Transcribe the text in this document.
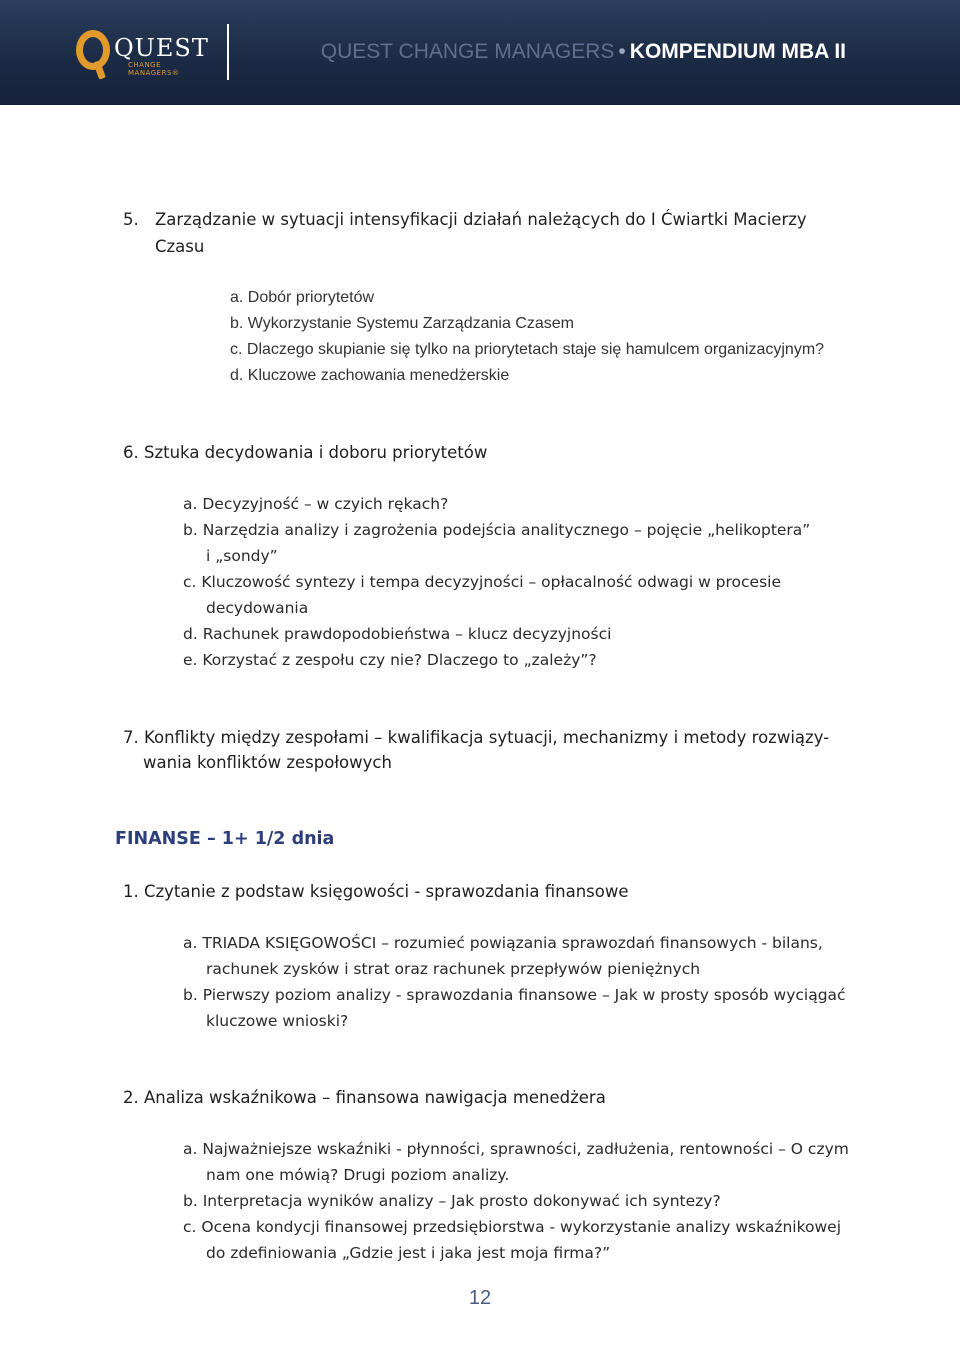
QUEST
CHANGE MANAGERS®
QUEST CHANGE MANAGERS • KOMPENDIUM MBA II
5. Zarządzanie w sytuacji intensyfikacji działań należących do I Ćwiartki Macierzy
Czasu
a. Dobór priorytetów
b. Wykorzystanie Systemu Zarządzania Czasem
c. Dlaczego skupianie się tylko na priorytetach staje się hamulcem organizacyjnym?
d. Kluczowe zachowania menedżerskie
6. Sztuka decydowania i doboru priorytetów
a. Decyzyjność – w czyich rękach?
b. Narzędzia analizy i zagrożenia podejścia analitycznego – pojęcie „helikoptera”
i „sondy”
c. Kluczowość syntezy i tempa decyzyjności – opłacalność odwagi w procesie
decydowania
d. Rachunek prawdopodobieństwa – klucz decyzyjności
e. Korzystać z zespołu czy nie? Dlaczego to „zależy”?
7. Konflikty między zespołami – kwalifikacja sytuacji, mechanizmy i metody rozwiązy-
wania konfliktów zespołowych
FINANSE – 1+ 1/2 dnia
1. Czytanie z podstaw księgowości - sprawozdania finansowe
a. TRIADA KSIĘGOWOŚCI – rozumieć powiązania sprawozdań finansowych - bilans,
rachunek zysków i strat oraz rachunek przepływów pieniężnych
b. Pierwszy poziom analizy - sprawozdania finansowe – Jak w prosty sposób wyciągać
kluczowe wnioski?
2. Analiza wskaźnikowa – finansowa nawigacja menedżera
a. Najważniejsze wskaźniki - płynności, sprawności, zadłużenia, rentowności – O czym
nam one mówią? Drugi poziom analizy.
b. Interpretacja wyników analizy – Jak prosto dokonywać ich syntezy?
c. Ocena kondycji finansowej przedsiębiorstwa - wykorzystanie analizy wskaźnikowej
do zdefiniowania „Gdzie jest i jaka jest moja firma?”
12
